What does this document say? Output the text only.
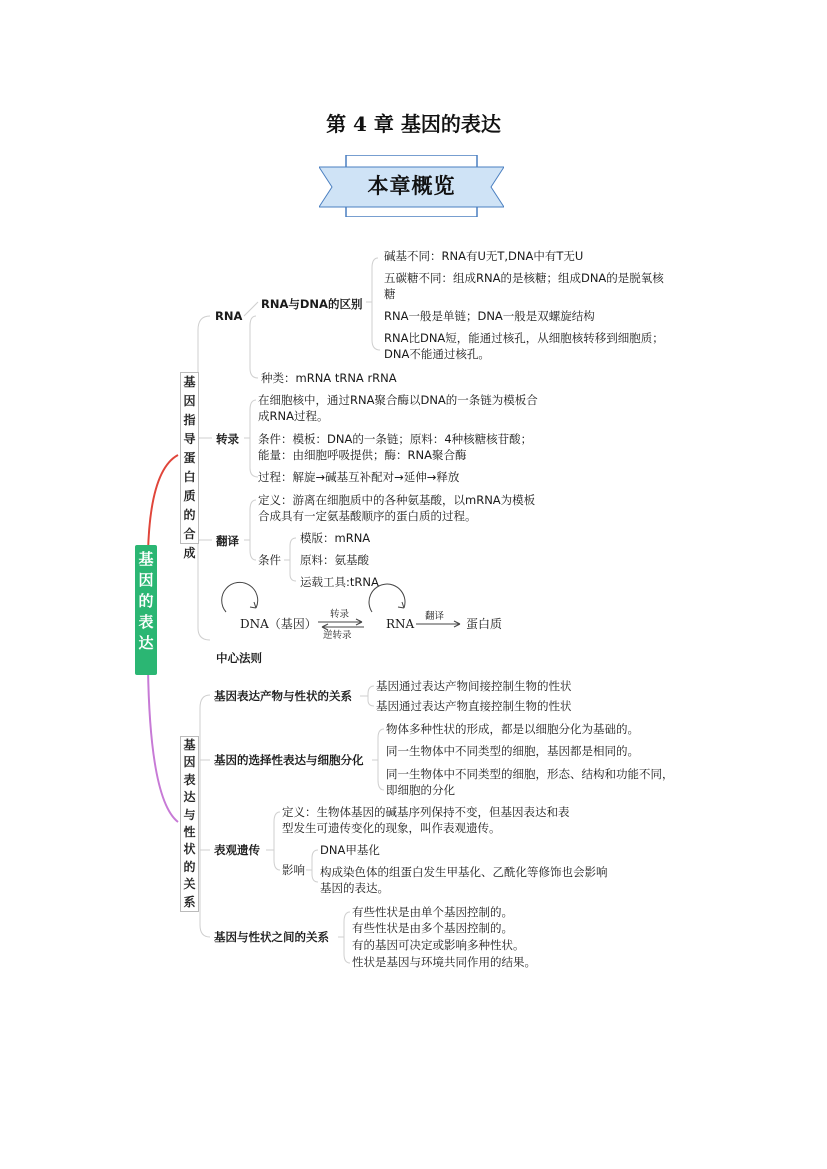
第 4 章 基因的表达
本章概览
基因的表达
基因指导蛋白质的合成
RNA
RNA与DNA的区别
碱基不同：RNA有U无T,DNA中有T无U
五碳糖不同：组成RNA的是核糖；组成DNA的是脱氧核
糖
RNA一般是单链；DNA一般是双螺旋结构
RNA比DNA短，能通过核孔，从细胞核转移到细胞质；
DNA不能通过核孔。
种类：mRNA tRNA rRNA
转录
在细胞核中，通过RNA聚合酶以DNA的一条链为模板合
成RNA过程。
条件：模板：DNA的一条链；原料：4种核糖核苷酸；
能量：由细胞呼吸提供；酶：RNA聚合酶
过程：解旋→碱基互补配对→延伸→释放
翻译
定义：游离在细胞质中的各种氨基酸，以mRNA为模板
合成具有一定氨基酸顺序的蛋白质的过程。
条件
模版：mRNA
原料：氨基酸
运载工具:tRNA
DNA（基因）
转录
逆转录
RNA
翻译
蛋白质
中心法则
基因表达与性状的关系
基因表达产物与性状的关系
基因通过表达产物间接控制生物的性状
基因通过表达产物直接控制生物的性状
基因的选择性表达与细胞分化
物体多种性状的形成，都是以细胞分化为基础的。
同一生物体中不同类型的细胞，基因都是相同的。
同一生物体中不同类型的细胞，形态、结构和功能不同，
即细胞的分化
表观遗传
定义：生物体基因的碱基序列保持不变，但基因表达和表
型发生可遗传变化的现象，叫作表观遗传。
影响
DNA甲基化
构成染色体的组蛋白发生甲基化、乙酰化等修饰也会影响
基因的表达。
基因与性状之间的关系
有些性状是由单个基因控制的。
有些性状是由多个基因控制的。
有的基因可决定或影响多种性状。
性状是基因与环境共同作用的结果。
